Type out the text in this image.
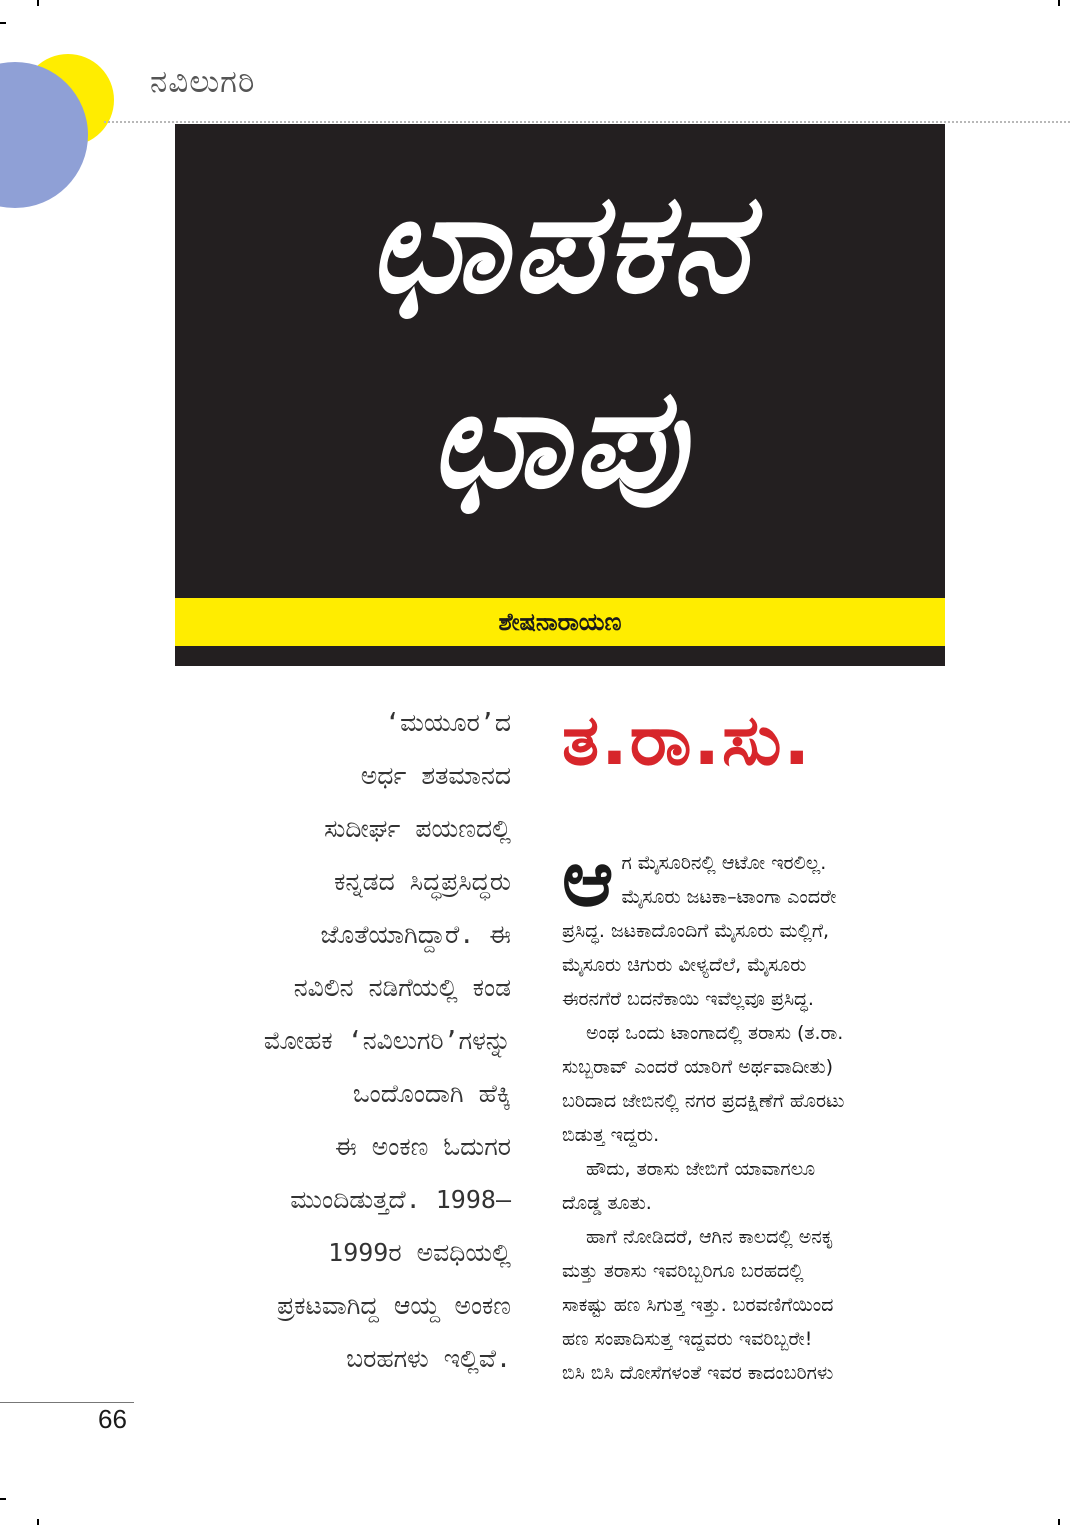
ನವಿಲುಗರಿ
ಛಾಪಕನ
ಛಾಪು
ಶೇಷನಾರಾಯಣ
‘ಮಯೂರ’ದ
ಅರ್ಧ ಶತಮಾನದ
ಸುದೀರ್ಘ ಪಯಣದಲ್ಲಿ
ಕನ್ನಡದ ಸಿದ್ಧಪ್ರಸಿದ್ಧರು
ಜೊತೆಯಾಗಿದ್ದಾರೆ. ಈ
ನವಿಲಿನ ನಡಿಗೆಯಲ್ಲಿ ಕಂಡ
ಮೋಹಕ ‘ನವಿಲುಗರಿ’ಗಳನ್ನು
ಒಂದೊಂದಾಗಿ ಹೆಕ್ಕಿ
ಈ ಅಂಕಣ ಓದುಗರ
ಮುಂದಿಡುತ್ತದೆ. 1998–
1999ರ ಅವಧಿಯಲ್ಲಿ
ಪ್ರಕಟವಾಗಿದ್ದ ಆಯ್ದ ಅಂಕಣ
ಬರಹಗಳು ಇಲ್ಲಿವೆ.
ತ.ರಾ.ಸು.
ಆ ಗ ಮೈಸೂರಿನಲ್ಲಿ ಆಟೋ ಇರಲಿಲ್ಲ.
ಮೈಸೂರು ಜಟಕಾ–ಟಾಂಗಾ ಎಂದರೇ
ಪ್ರಸಿದ್ಧ. ಜಟಕಾದೊಂದಿಗೆ ಮೈಸೂರು ಮಲ್ಲಿಗೆ,
ಮೈಸೂರು ಚಿಗುರು ವೀಳ್ಯದೆಲೆ, ಮೈಸೂರು
ಈರನಗೆರೆ ಬದನೆಕಾಯಿ ಇವೆಲ್ಲವೂ ಪ್ರಸಿದ್ಧ.
ಅಂಥ ಒಂದು ಟಾಂಗಾದಲ್ಲಿ ತರಾಸು (ತ.ರಾ.
ಸುಬ್ಬರಾವ್ ಎಂದರೆ ಯಾರಿಗೆ ಅರ್ಥವಾದೀತು)
ಬರಿದಾದ ಜೇಬಿನಲ್ಲಿ ನಗರ ಪ್ರದಕ್ಷಿಣೆಗೆ ಹೊರಟು
ಬಿಡುತ್ತ ಇದ್ದರು.
ಹೌದು, ತರಾಸು ಜೇಬಿಗೆ ಯಾವಾಗಲೂ
ದೊಡ್ಡ ತೂತು.
ಹಾಗೆ ನೋಡಿದರೆ, ಆಗಿನ ಕಾಲದಲ್ಲಿ ಅನಕೃ
ಮತ್ತು ತರಾಸು ಇವರಿಬ್ಬರಿಗೂ ಬರಹದಲ್ಲಿ
ಸಾಕಷ್ಟು ಹಣ ಸಿಗುತ್ತ ಇತ್ತು. ಬರವಣಿಗೆಯಿಂದ
ಹಣ ಸಂಪಾದಿಸುತ್ತ ಇದ್ದವರು ಇವರಿಬ್ಬರೇ!
ಬಿಸಿ ಬಿಸಿ ದೋಸೆಗಳಂತೆ ಇವರ ಕಾದಂಬರಿಗಳು
66
